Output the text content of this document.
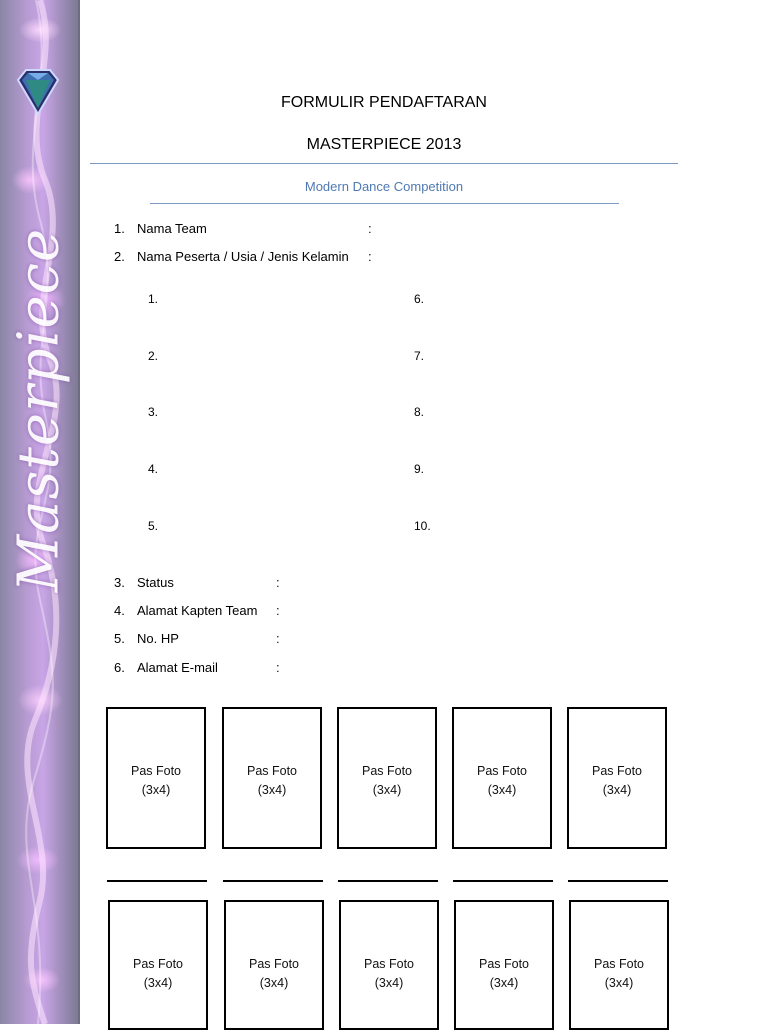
Masterpiece
FORMULIR PENDAFTARAN
MASTERPIECE 2013
Modern Dance Competition
1. Nama Team	:
2. Nama Peserta / Usia / Jenis Kelamin :
1.
2.
3.
4.
5.
6.
7.
8.
9.
10.
3. Status	:
4. Alamat Kapten Team :
5. No. HP	:
6. Alamat E-mail	:
Pas Foto
(3x4)
Pas Foto
(3x4)
Pas Foto
(3x4)
Pas Foto
(3x4)
Pas Foto
(3x4)
Pas Foto
(3x4)
Pas Foto
(3x4)
Pas Foto
(3x4)
Pas Foto
(3x4)
Pas Foto
(3x4)
